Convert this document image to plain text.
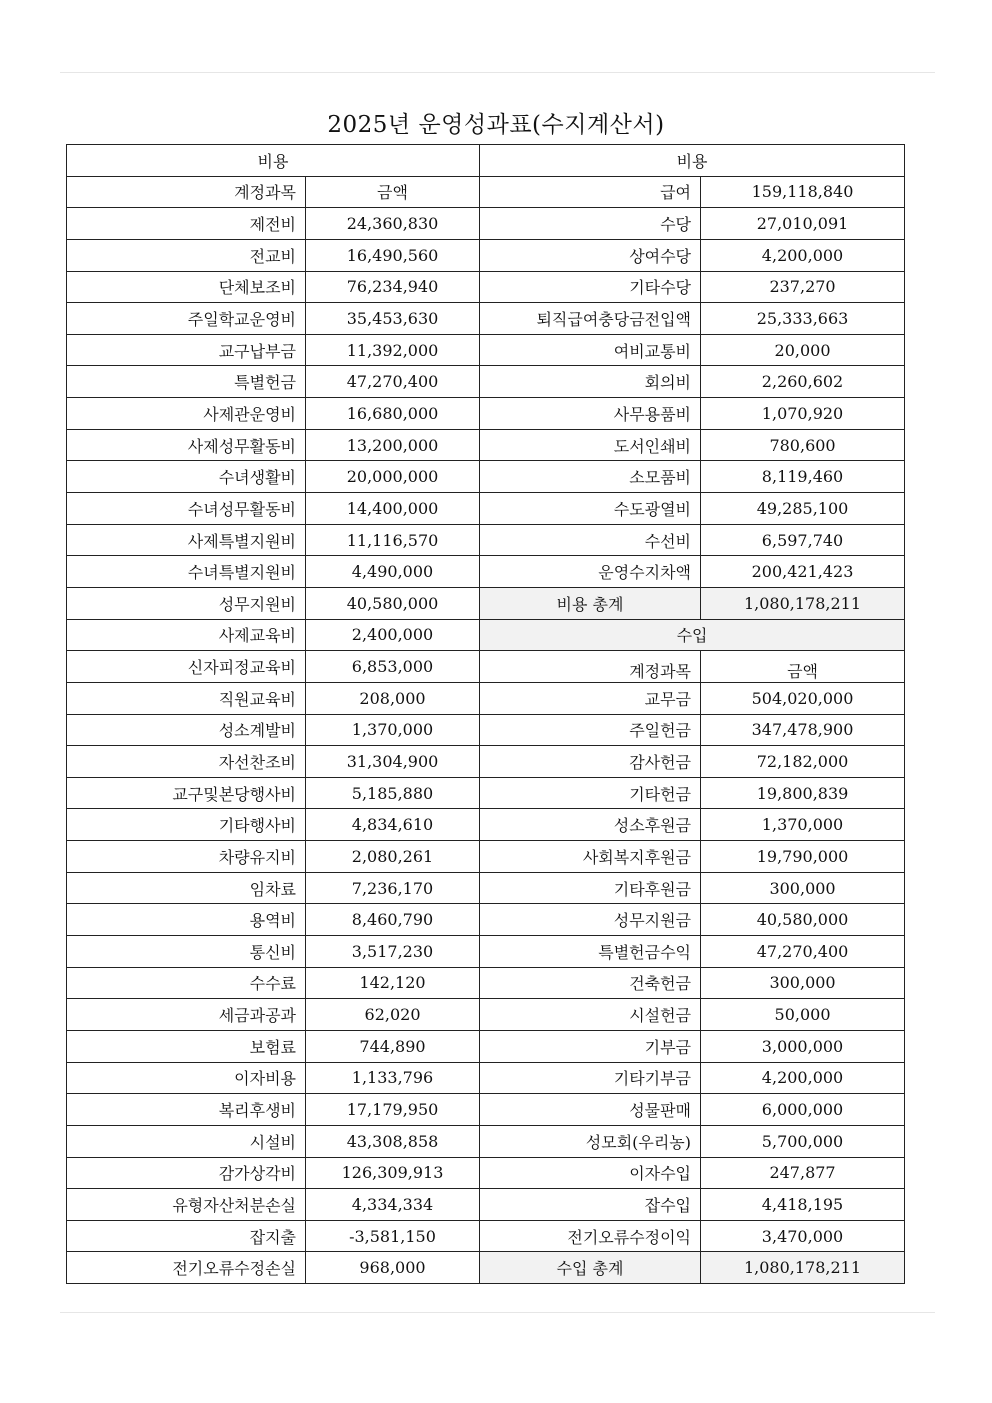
2025년 운영성과표(수지계산서)
비용		비용	
계정과목	금액	급여	159,118,840
제전비	24,360,830	수당	27,010,091
전교비	16,490,560	상여수당	4,200,000
단체보조비	76,234,940	기타수당	237,270
주일학교운영비	35,453,630	퇴직급여충당금전입액	25,333,663
교구납부금	11,392,000	여비교통비	20,000
특별헌금	47,270,400	회의비	2,260,602
사제관운영비	16,680,000	사무용품비	1,070,920
사제성무활동비	13,200,000	도서인쇄비	780,600
수녀생활비	20,000,000	소모품비	8,119,460
수녀성무활동비	14,400,000	수도광열비	49,285,100
사제특별지원비	11,116,570	수선비	6,597,740
수녀특별지원비	4,490,000	운영수지차액	200,421,423
성무지원비	40,580,000	비용 총계	1,080,178,211
사제교육비	2,400,000	수입	
신자피정교육비	6,853,000	계정과목	금액
직원교육비	208,000	교무금	504,020,000
성소계발비	1,370,000	주일헌금	347,478,900
자선찬조비	31,304,900	감사헌금	72,182,000
교구및본당행사비	5,185,880	기타헌금	19,800,839
기타행사비	4,834,610	성소후원금	1,370,000
차량유지비	2,080,261	사회복지후원금	19,790,000
임차료	7,236,170	기타후원금	300,000
용역비	8,460,790	성무지원금	40,580,000
통신비	3,517,230	특별헌금수익	47,270,400
수수료	142,120	건축헌금	300,000
세금과공과	62,020	시설헌금	50,000
보험료	744,890	기부금	3,000,000
이자비용	1,133,796	기타기부금	4,200,000
복리후생비	17,179,950	성물판매	6,000,000
시설비	43,308,858	성모회(우리농)	5,700,000
감가상각비	126,309,913	이자수입	247,877
유형자산처분손실	4,334,334	잡수입	4,418,195
잡지출	-3,581,150	전기오류수정이익	3,470,000
전기오류수정손실	968,000	수입 총계	1,080,178,211
